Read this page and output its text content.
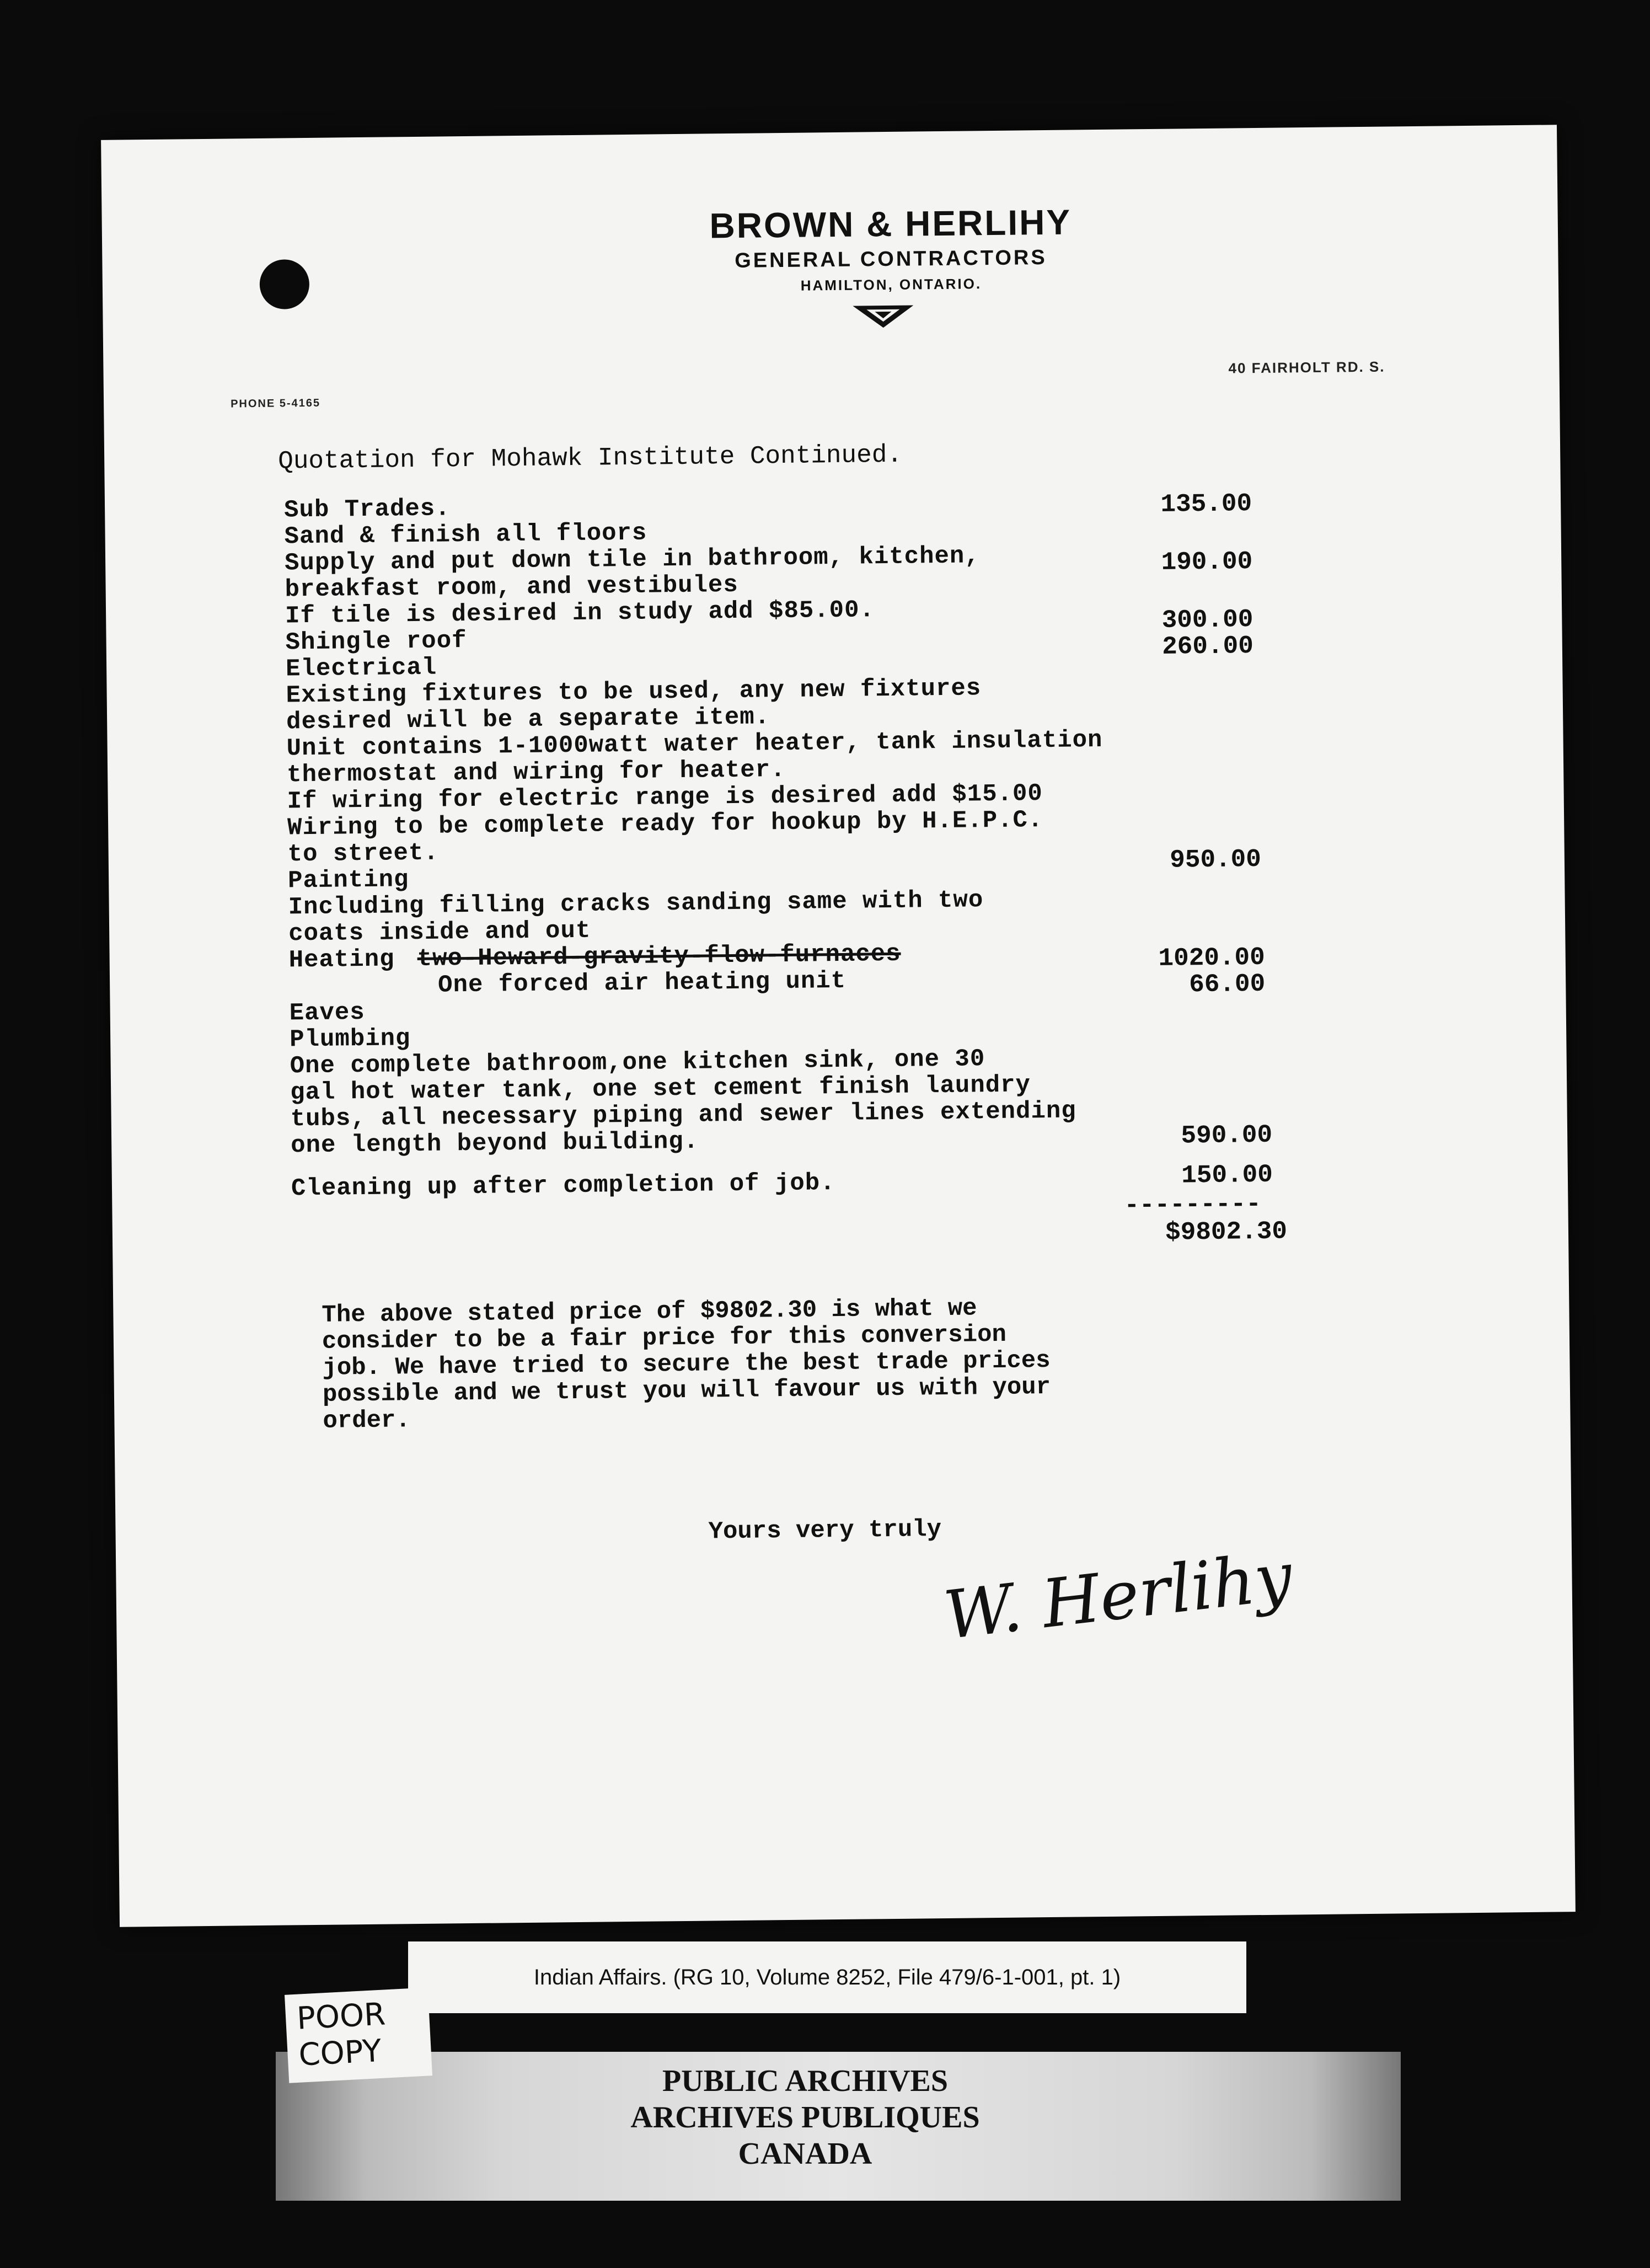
BROWN & HERLIHY
GENERAL CONTRACTORS
HAMILTON, ONTARIO.
PHONE 5-4165
40 FAIRHOLT RD. S.
Quotation for Mohawk Institute Continued.
Sub Trades.
Sand & finish all floors
Supply and put down tile in bathroom, kitchen,
breakfast room, and vestibules
If tile is desired in study add $85.00.
Shingle roof
Electrical
Existing fixtures to be used, any new fixtures
desired will be a separate item.
Unit contains 1-1000watt water heater, tank insulation
thermostat and wiring for heater.
If wiring for electric range is desired add $15.00
Wiring to be complete ready for hookup by H.E.P.C.
to street.
Painting
Including filling cracks sanding same with two
coats inside and out
Heating two-Heward-gravity-flow-furnaces
One forced air heating unit
Eaves
Plumbing
One complete bathroom,one kitchen sink, one 30
gal hot water tank, one set cement finish laundry
tubs, all necessary piping and sewer lines extending
one length beyond building.
Cleaning up after completion of job.
135.00
190.00
300.00
260.00
950.00
1020.00
66.00
590.00
150.00
---------
$9802.30
The above stated price of $9802.30 is what we
consider to be a fair price for this conversion
job. We have tried to secure the best trade prices
possible and we trust you will favour us with your
order.
Yours very truly
W. Herlihy
Indian Affairs. (RG 10, Volume 8252, File 479/6-1-001, pt. 1)
PUBLIC ARCHIVES
ARCHIVES PUBLIQUES
CANADA
POOR
COPY
